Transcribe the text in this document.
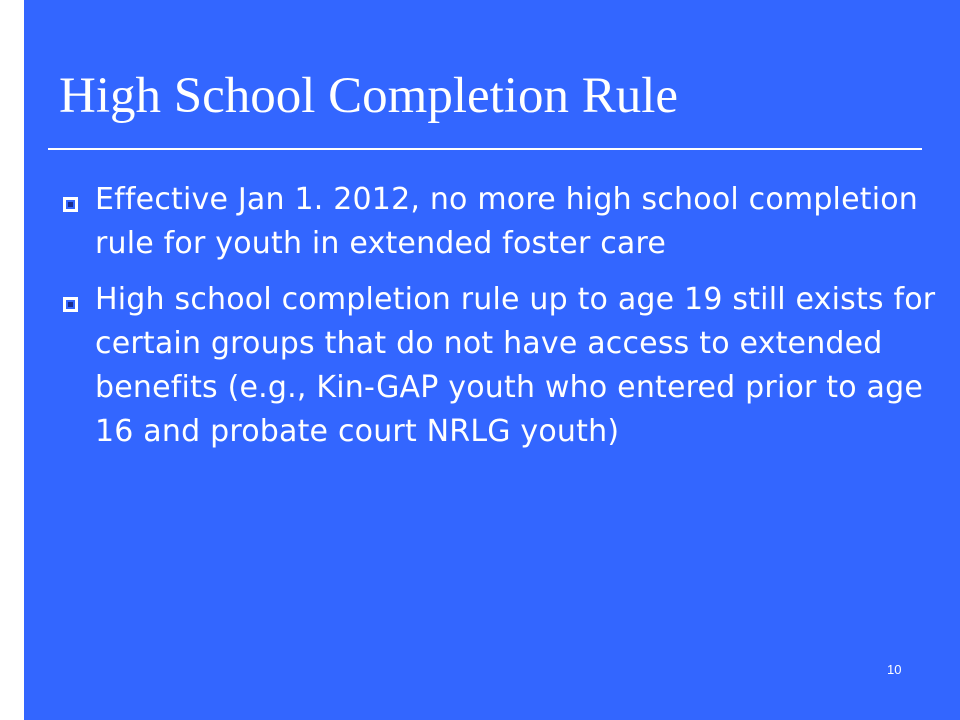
High School Completion Rule
Effective Jan 1. 2012, no more high school completion rule for youth in extended foster care
High school completion rule up to age 19 still exists for certain groups that do not have access to extended benefits (e.g., Kin-GAP youth who entered prior to age 16 and probate court NRLG youth)
10
